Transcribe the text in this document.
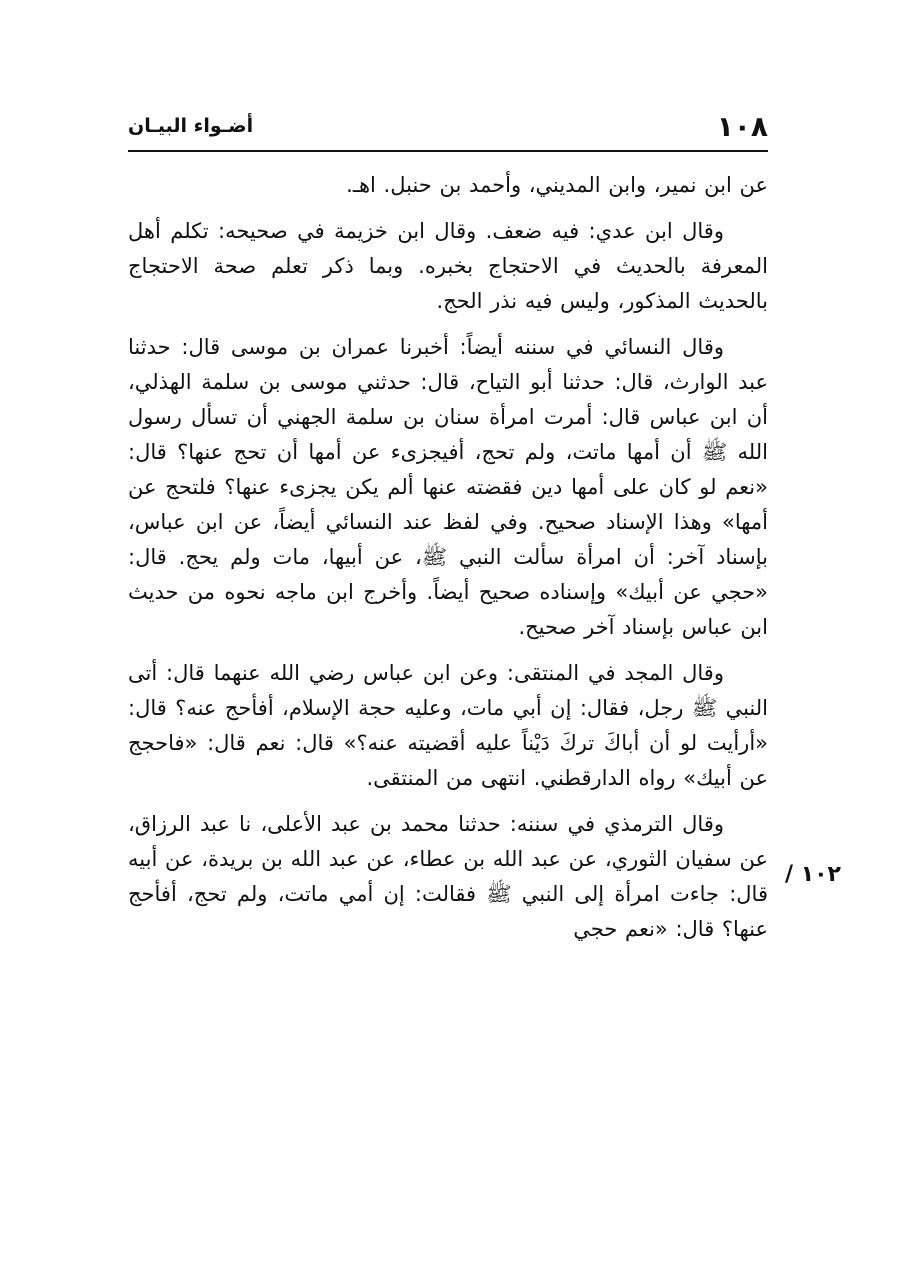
١٠٨
أضـواء البيـان

عن ابن نمير، وابن المديني، وأحمد بن حنبل. اهـ.

وقال ابن عدي: فيه ضعف. وقال ابن خزيمة في صحيحه: تكلم أهل المعرفة بالحديث في الاحتجاج بخبره. وبما ذكر تعلم صحة الاحتجاج بالحديث المذكور، وليس فيه نذر الحج.

وقال النسائي في سننه أيضاً: أخبرنا عمران بن موسى قال: حدثنا عبد الوارث، قال: حدثنا أبو التياح، قال: حدثني موسى بن سلمة الهذلي، أن ابن عباس قال: أمرت امرأة سنان بن سلمة الجهني أن تسأل رسول الله ﷺ أن أمها ماتت، ولم تحج، أفيجزىء عن أمها أن تحج عنها؟ قال: «نعم لو كان على أمها دين فقضته عنها ألم يكن يجزىء عنها؟ فلتحج عن أمها» وهذا الإسناد صحيح. وفي لفظ عند النسائي أيضاً، عن ابن عباس، بإسناد آخر: أن امرأة سألت النبي ﷺ، عن أبيها، مات ولم يحج. قال: «حجي عن أبيك» وإسناده صحيح أيضاً. وأخرج ابن ماجه نحوه من حديث ابن عباس بإسناد آخر صحيح.

وقال المجد في المنتقى: وعن ابن عباس رضي الله عنهما قال: أتى النبي ﷺ رجل، فقال: إن أبي مات، وعليه حجة الإسلام، أفأحج عنه؟ قال: «أرأيت لو أن أباكَ تركَ دَيْناً عليه أقضيته عنه؟» قال: نعم قال: «فاحجج عن أبيك» رواه الدارقطني. انتهى من المنتقى.

وقال الترمذي في سننه: حدثنا محمد بن عبد الأعلى، نا عبد الرزاق، عن سفيان الثوري، عن عبد الله بن عطاء، عن عبد الله بن بريدة، عن أبيه قال: جاءت امرأة إلى النبي ﷺ فقالت: إن أمي ماتت، ولم تحج، أفأحج عنها؟ قال: «نعم حجي

١٠٢ /
